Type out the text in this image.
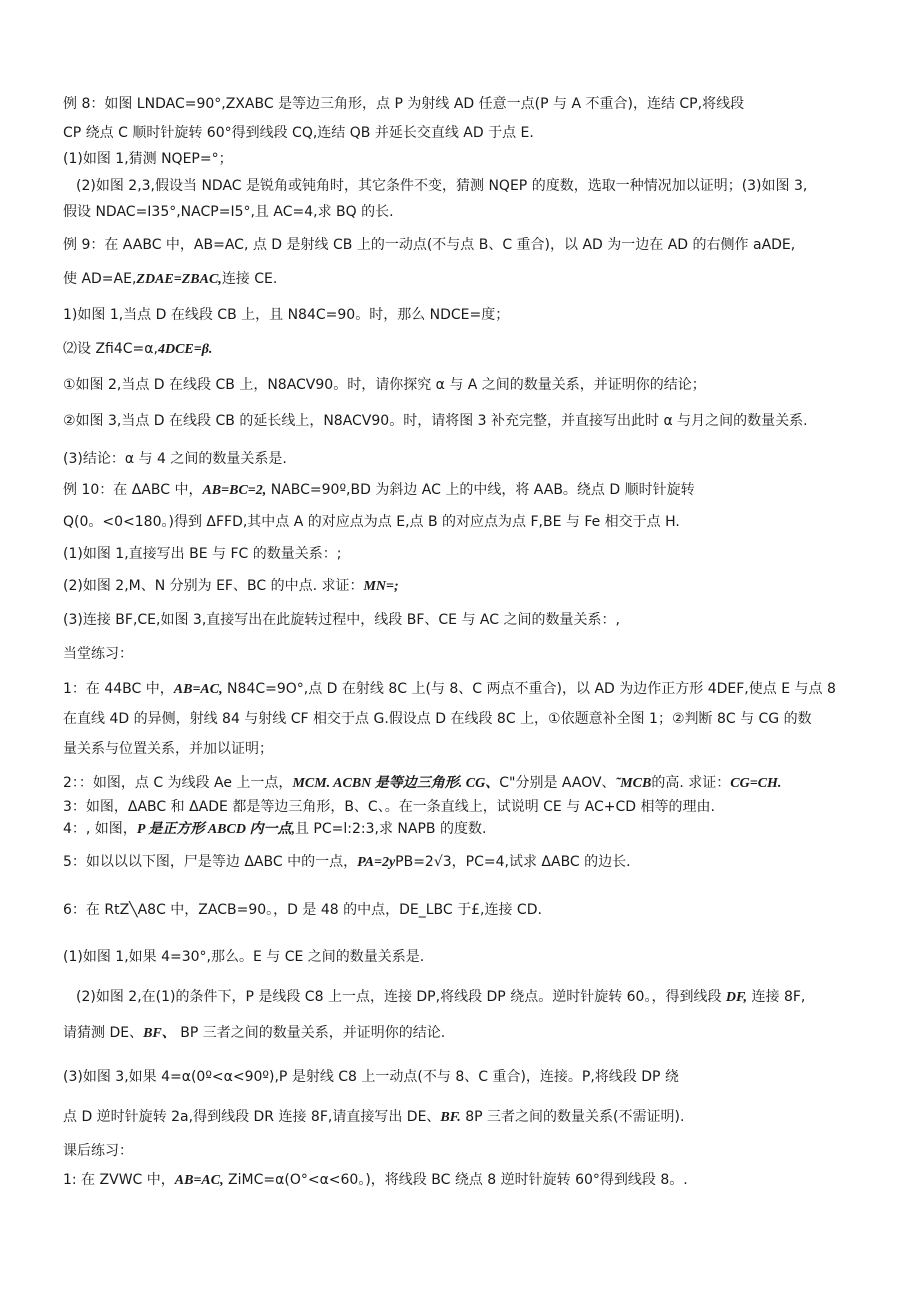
例 8：如图 LNDAC=90°,ZXABC 是等边三角形，点 P 为射线 AD 任意一点(P 与 A 不重合)，连结 CP,将线段
CP 绕点 C 顺时针旋转 60°得到线段 CQ,连结 QB 并延长交直线 AD 于点 E.
(1)如图 1,猜测 NQEP=°；
(2)如图 2,3,假设当 NDAC 是锐角或钝角时，其它条件不变，猜测 NQEP 的度数，选取一种情况加以证明；(3)如图 3,
假设 NDAC=I35°,NACP=I5°,且 AC=4,求 BQ 的长.
例 9：在 AABC 中，AB=AC, 点 D 是射线 CB 上的一动点(不与点 B、C 重合)，以 AD 为一边在 AD 的右侧作 aADE,
使 AD=AE,ZDAE=ZBAC,连接 CE.
1)如图 1,当点 D 在线段 CB 上，且 N84C=90。时，那么 NDCE=度；
⑵设 Zfi4C=α,4DCE=β.
①如图 2,当点 D 在线段 CB 上，N8ACV90。时，请你探究 α 与 A 之间的数量关系，并证明你的结论；
②如图 3,当点 D 在线段 CB 的延长线上，N8ACV90。时，请将图 3 补充完整，并直接写出此时 α 与月之间的数量关系.
(3)结论：α 与 4 之间的数量关系是.
例 10：在 ΔABC 中，AB=BC=2, NABC=90º,BD 为斜边 AC 上的中线，将 AAB。绕点 D 顺时针旋转
Q(0。<0<180。)得到 ΔFFD,其中点 A 的对应点为点 E,点 B 的对应点为点 F,BE 与 Fe 相交于点 H.
(1)如图 1,直接写出 BE 与 FC 的数量关系：;
(2)如图 2,M、N 分别为 EF、BC 的中点. 求证：MN=;
(3)连接 BF,CE,如图 3,直接写出在此旋转过程中，线段 BF、CE 与 AC 之间的数量关系：,
当堂练习：
1：在 44BC 中，AB=AC, N84C=9O°,点 D 在射线 8C 上(与 8、C 两点不重合)，以 AD 为边作正方形 4DEF,使点 E 与点 8
在直线 4D 的异侧，射线 84 与射线 CF 相交于点 G.假设点 D 在线段 8C 上，①依题意补全图 1；②判断 8C 与 CG 的数
量关系与位置关系，并加以证明；
2：：如图，点 C 为线段 Ae 上一点，MCM. ACBN 是等边三角形. CG、C"分别是 AAOV、˜MCB的高. 求证：CG=CH.
3：如图，ΔABC 和 ΔADE 都是等边三角形，B、C、。在一条直线上，试说明 CE 与 AC+CD 相等的理由.
4：, 如图，P 是正方形 ABCD 内一点,且 PC=l:2:3,求 NAPB 的度数.
5：如以以以下图，尸是等边 ΔABC 中的一点，PA=2yPB=2√3，PC=4,试求 ΔABC 的边长.
6：在 RtZ╲A8C 中，ZACB=90。，D 是 48 的中点，DE_LBC 于£,连接 CD.
(1)如图 1,如果 4=30°,那么。E 与 CE 之间的数量关系是.
(2)如图 2,在(1)的条件下，P 是线段 C8 上一点，连接 DP,将线段 DP 绕点。逆时针旋转 60。，得到线段 DF, 连接 8F,
请猜测 DE、BF、 BP 三者之间的数量关系，并证明你的结论.
(3)如图 3,如果 4=α(0º<α<90º),P 是射线 C8 上一动点(不与 8、C 重合)，连接。P,将线段 DP 绕
点 D 逆时针旋转 2a,得到线段 DR 连接 8F,请直接写出 DE、BF. 8P 三者之间的数量关系(不需证明).
课后练习：
1: 在 ZVWC 中，AB=AC, ZiMC=α(O°<α<60。)，将线段 BC 绕点 8 逆时针旋转 60°得到线段 8。.
